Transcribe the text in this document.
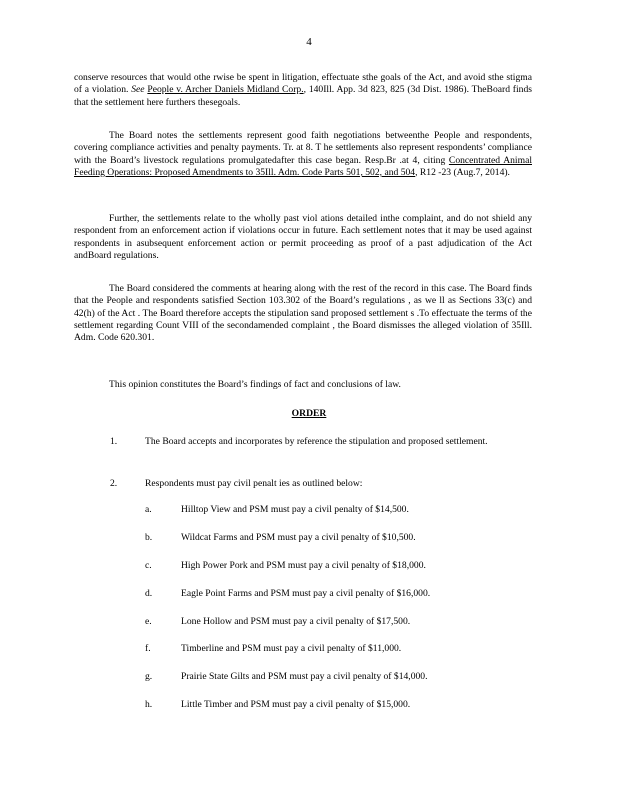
4

conserve resources that would othe rwise be spent in litigation, effectuate sthe goals of the Act, and avoid sthe stigma of a violation. See People v. Archer Daniels Midland Corp., 140Ill. App. 3d 823, 825 (3d Dist. 1986). TheBoard finds that the settlement here furthers thesegoals.

The Board notes the settlements represent good faith negotiations betweenthe People and respondents, covering compliance activities and penalty payments. Tr. at 8. T he settlements also represent respondents’ compliance with the Board’s livestock regulations promulgatedafter this case began. Resp.Br .at 4, citing Concentrated Animal Feeding Operations: Proposed Amendments to 35Ill. Adm. Code Parts 501, 502, and 504, R12 -23 (Aug.7, 2014).

Further, the settlements relate to the wholly past viol ations detailed inthe complaint, and do not shield any respondent from an enforcement action if violations occur in future. Each settlement notes that it may be used against respondents in asubsequent enforcement action or permit proceeding as proof of a past adjudication of the Act andBoard regulations.

The Board considered the comments at hearing along with the rest of the record in this case. The Board finds that the People and respondents satisfied Section 103.302 of the Board’s regulations , as we ll as Sections 33(c) and 42(h) of the Act . The Board therefore accepts the stipulation sand proposed settlement s .To effectuate the terms of the settlement regarding Count VIII of the secondamended complaint , the Board dismisses the alleged violation of 35Ill. Adm. Code 620.301.

This opinion constitutes the Board’s findings of fact and conclusions of law.

ORDER
1.	The Board accepts and incorporates by reference the stipulation and proposed settlement.
2.	Respondents must pay civil penalt ies as outlined below:
a.	Hilltop View and PSM must pay a civil penalty of $14,500.
b.	Wildcat Farms and PSM must pay a civil penalty of $10,500.
c.	High Power Pork and PSM must pay a civil penalty of $18,000.
d.	Eagle Point Farms and PSM must pay a civil penalty of $16,000.
e.	Lone Hollow and PSM must pay a civil penalty of $17,500.
f.	Timberline and PSM must pay a civil penalty of $11,000.
g.	Prairie State Gilts and PSM must pay a civil penalty of $14,000.
h.	Little Timber and PSM must pay a civil penalty of $15,000.
